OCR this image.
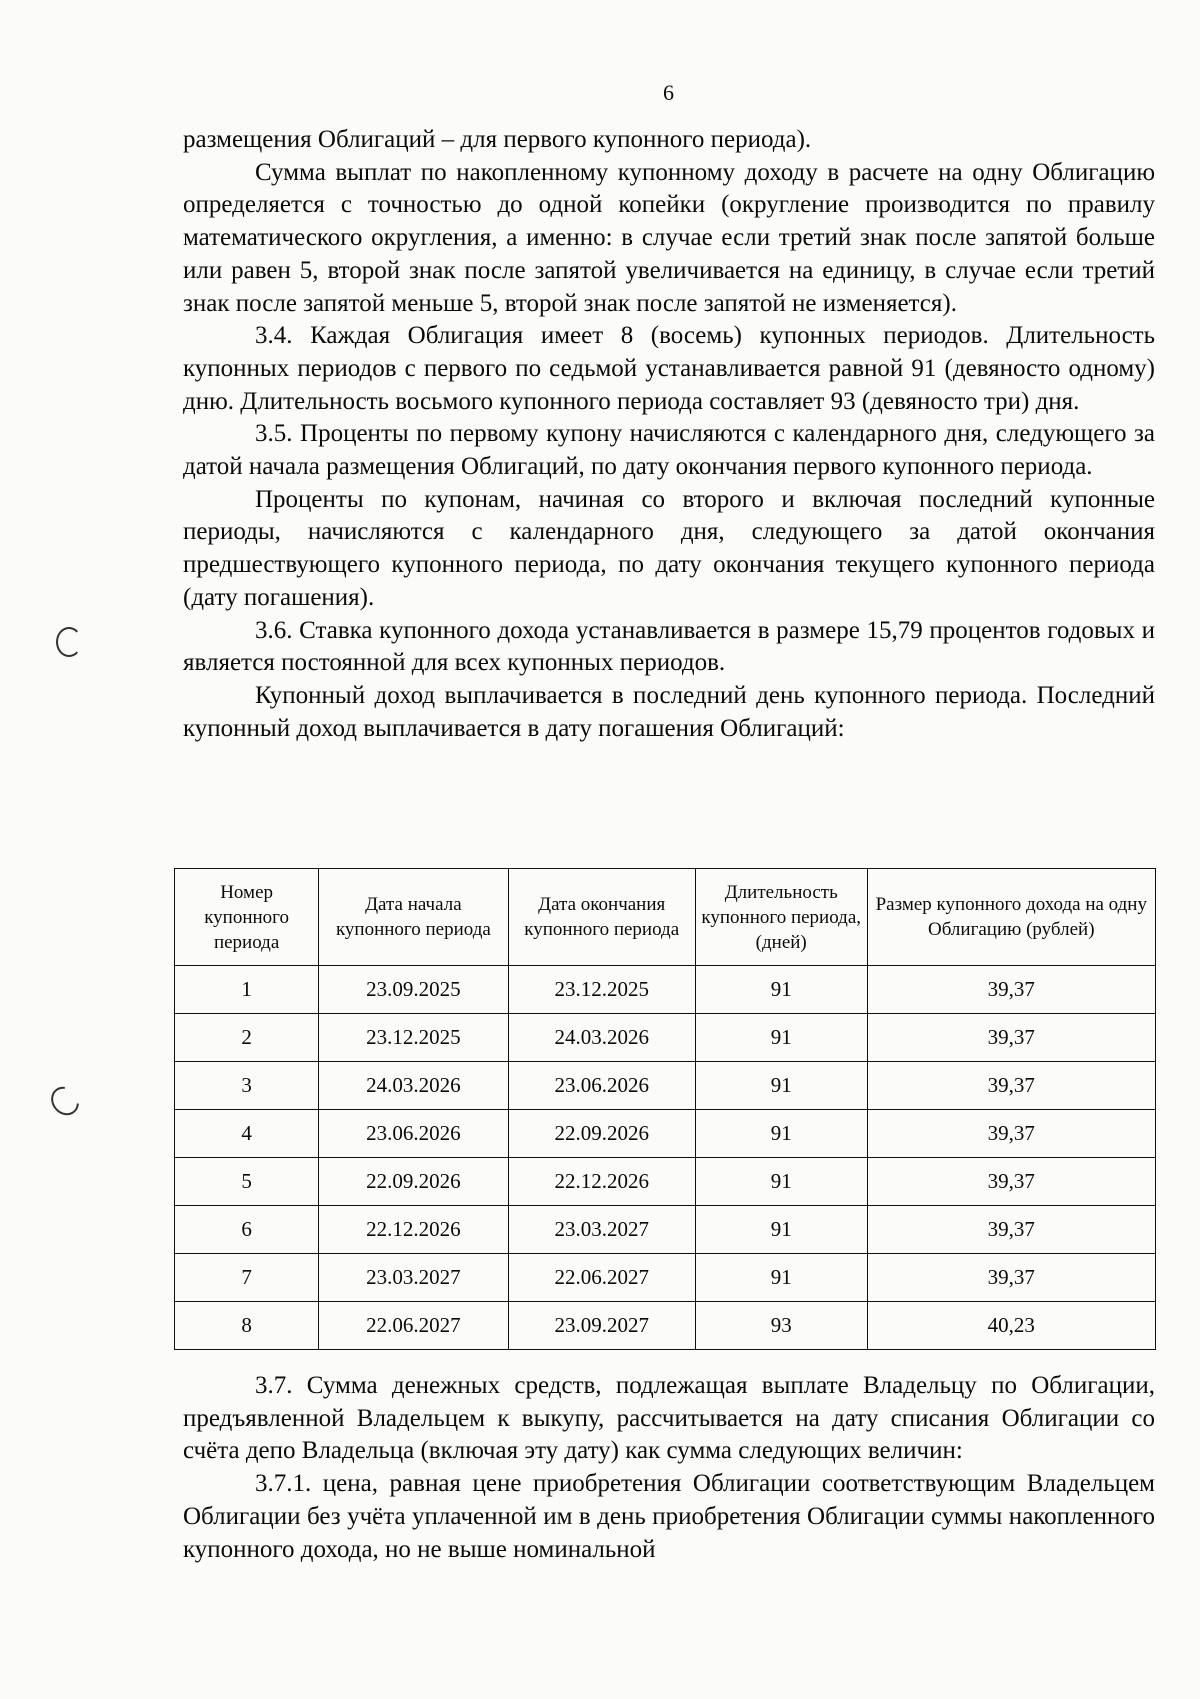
6

размещения Облигаций – для первого купонного периода).

Сумма выплат по накопленному купонному доходу в расчете на одну Облигацию определяется с точностью до одной копейки (округление производится по правилу математического округления, а именно: в случае если третий знак после запятой больше или равен 5, второй знак после запятой увеличивается на единицу, в случае если третий знак после запятой меньше 5, второй знак после запятой не изменяется).

3.4. Каждая Облигация имеет 8 (восемь) купонных периодов. Длительность купонных периодов с первого по седьмой устанавливается равной 91 (девяносто одному) дню. Длительность восьмого купонного периода составляет 93 (девяносто три) дня.

3.5. Проценты по первому купону начисляются с календарного дня, следующего за датой начала размещения Облигаций, по дату окончания первого купонного периода.

Проценты по купонам, начиная со второго и включая последний купонные периоды, начисляются с календарного дня, следующего за датой окончания предшествующего купонного периода, по дату окончания текущего купонного периода (дату погашения).

3.6. Ставка купонного дохода устанавливается в размере 15,79 процентов годовых и является постоянной для всех купонных периодов.

Купонный доход выплачивается в последний день купонного периода. Последний купонный доход выплачивается в дату погашения Облигаций:

Номер купонного периода	Дата начала купонного периода	Дата окончания купонного периода	Длительность купонного периода, (дней)	Размер купонного дохода на одну Облигацию (рублей)
1	23.09.2025	23.12.2025	91	39,37
2	23.12.2025	24.03.2026	91	39,37
3	24.03.2026	23.06.2026	91	39,37
4	23.06.2026	22.09.2026	91	39,37
5	22.09.2026	22.12.2026	91	39,37
6	22.12.2026	23.03.2027	91	39,37
7	23.03.2027	22.06.2027	91	39,37
8	22.06.2027	23.09.2027	93	40,23

3.7. Сумма денежных средств, подлежащая выплате Владельцу по Облигации, предъявленной Владельцем к выкупу, рассчитывается на дату списания Облигации со счёта депо Владельца (включая эту дату) как сумма следующих величин:

3.7.1. цена, равная цене приобретения Облигации соответствующим Владельцем Облигации без учёта уплаченной им в день приобретения Облигации суммы накопленного купонного дохода, но не выше номинальной
